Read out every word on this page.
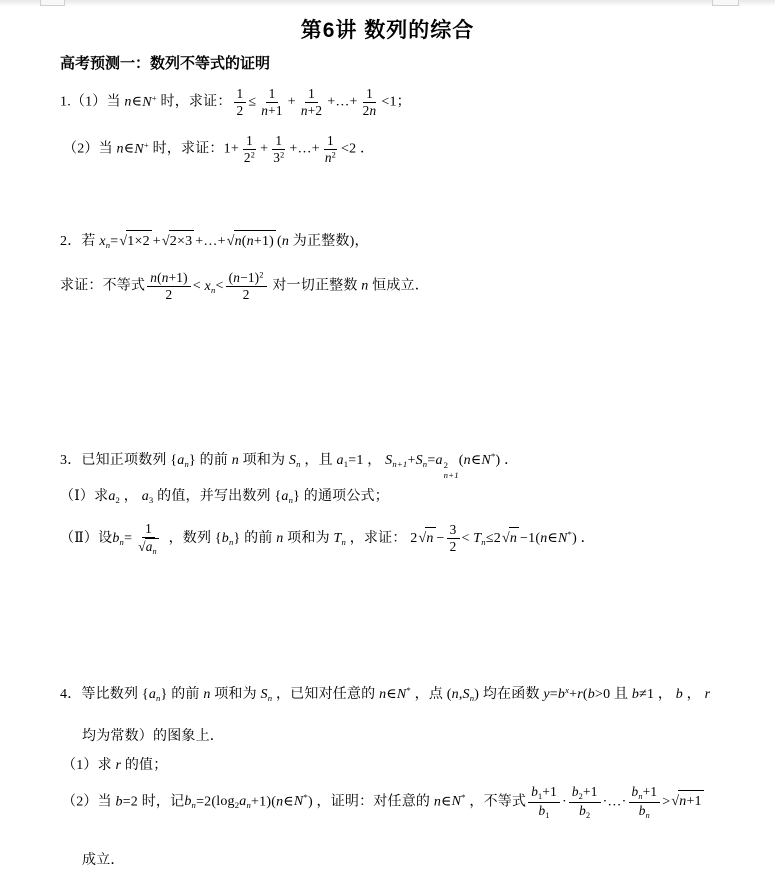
第6讲 数列的综合
高考预测一：数列不等式的证明
1.（1）当 n∈N+ 时，求证： $\frac{1}{2} \le \frac{1}{n+1} + \frac{1}{n+2}$ +…+ $\frac{1}{2n} <1$；
（2）当 n∈N+ 时，求证：$1+ \frac{1}{2^2} + \frac{1}{3^2}$ +…+ $\frac{1}{n^2} <2$ ．
2．若 $x_n=$ √ 1×2 + √ 2×3 +…+ √ n(n+1) (n 为正整数)，
求证：不等式 $\frac{n(n+1)}{2} < x_n< \frac{(n-1)^2}{2}$ 对一切正整数 n 恒成立．
3．已知正项数列 $\{a_n\}$ 的前 n 项和为 $S_n$ ，且 $a_1=1$ ， $S_{n+1}+S_n=a$ 2
n+1
(n∈N*) ．
（Ⅰ）求$a_2$ ， $a_3$ 的值，并写出数列 $\{a_n\}$ 的通项公式；
（Ⅱ）设$b_n= \frac{1}{√ a_n}$ ，数列 $\{b_n\}$ 的前 n 项和为 $T_n$ ，求证： 2 √ $n - \frac{3}{2} < T_n\le 2$ √ n −1(n∈N*) ．
4．等比数列 $\{a_n\}$ 的前 n 项和为 $S_n$ ，已知对任意的 n∈N* ，点 $(n,S_n)$ 均在函数 $y=b^x+r(b>0$ 且 b≠1 ， b ， r
均为常数）的图象上．
（1）求 r 的值；
（2）当 b=2 时，记$b_n=2(\log_2a_n+1)(n\in N^*)$ ，证明：对任意的 n∈N* ，不等式 $\frac{b_1+1}{b_1} \cdot \frac{b_2+1}{b_2}$ ·…· $\frac{b_n+1}{b_n}$ > √ n+1
成立．
